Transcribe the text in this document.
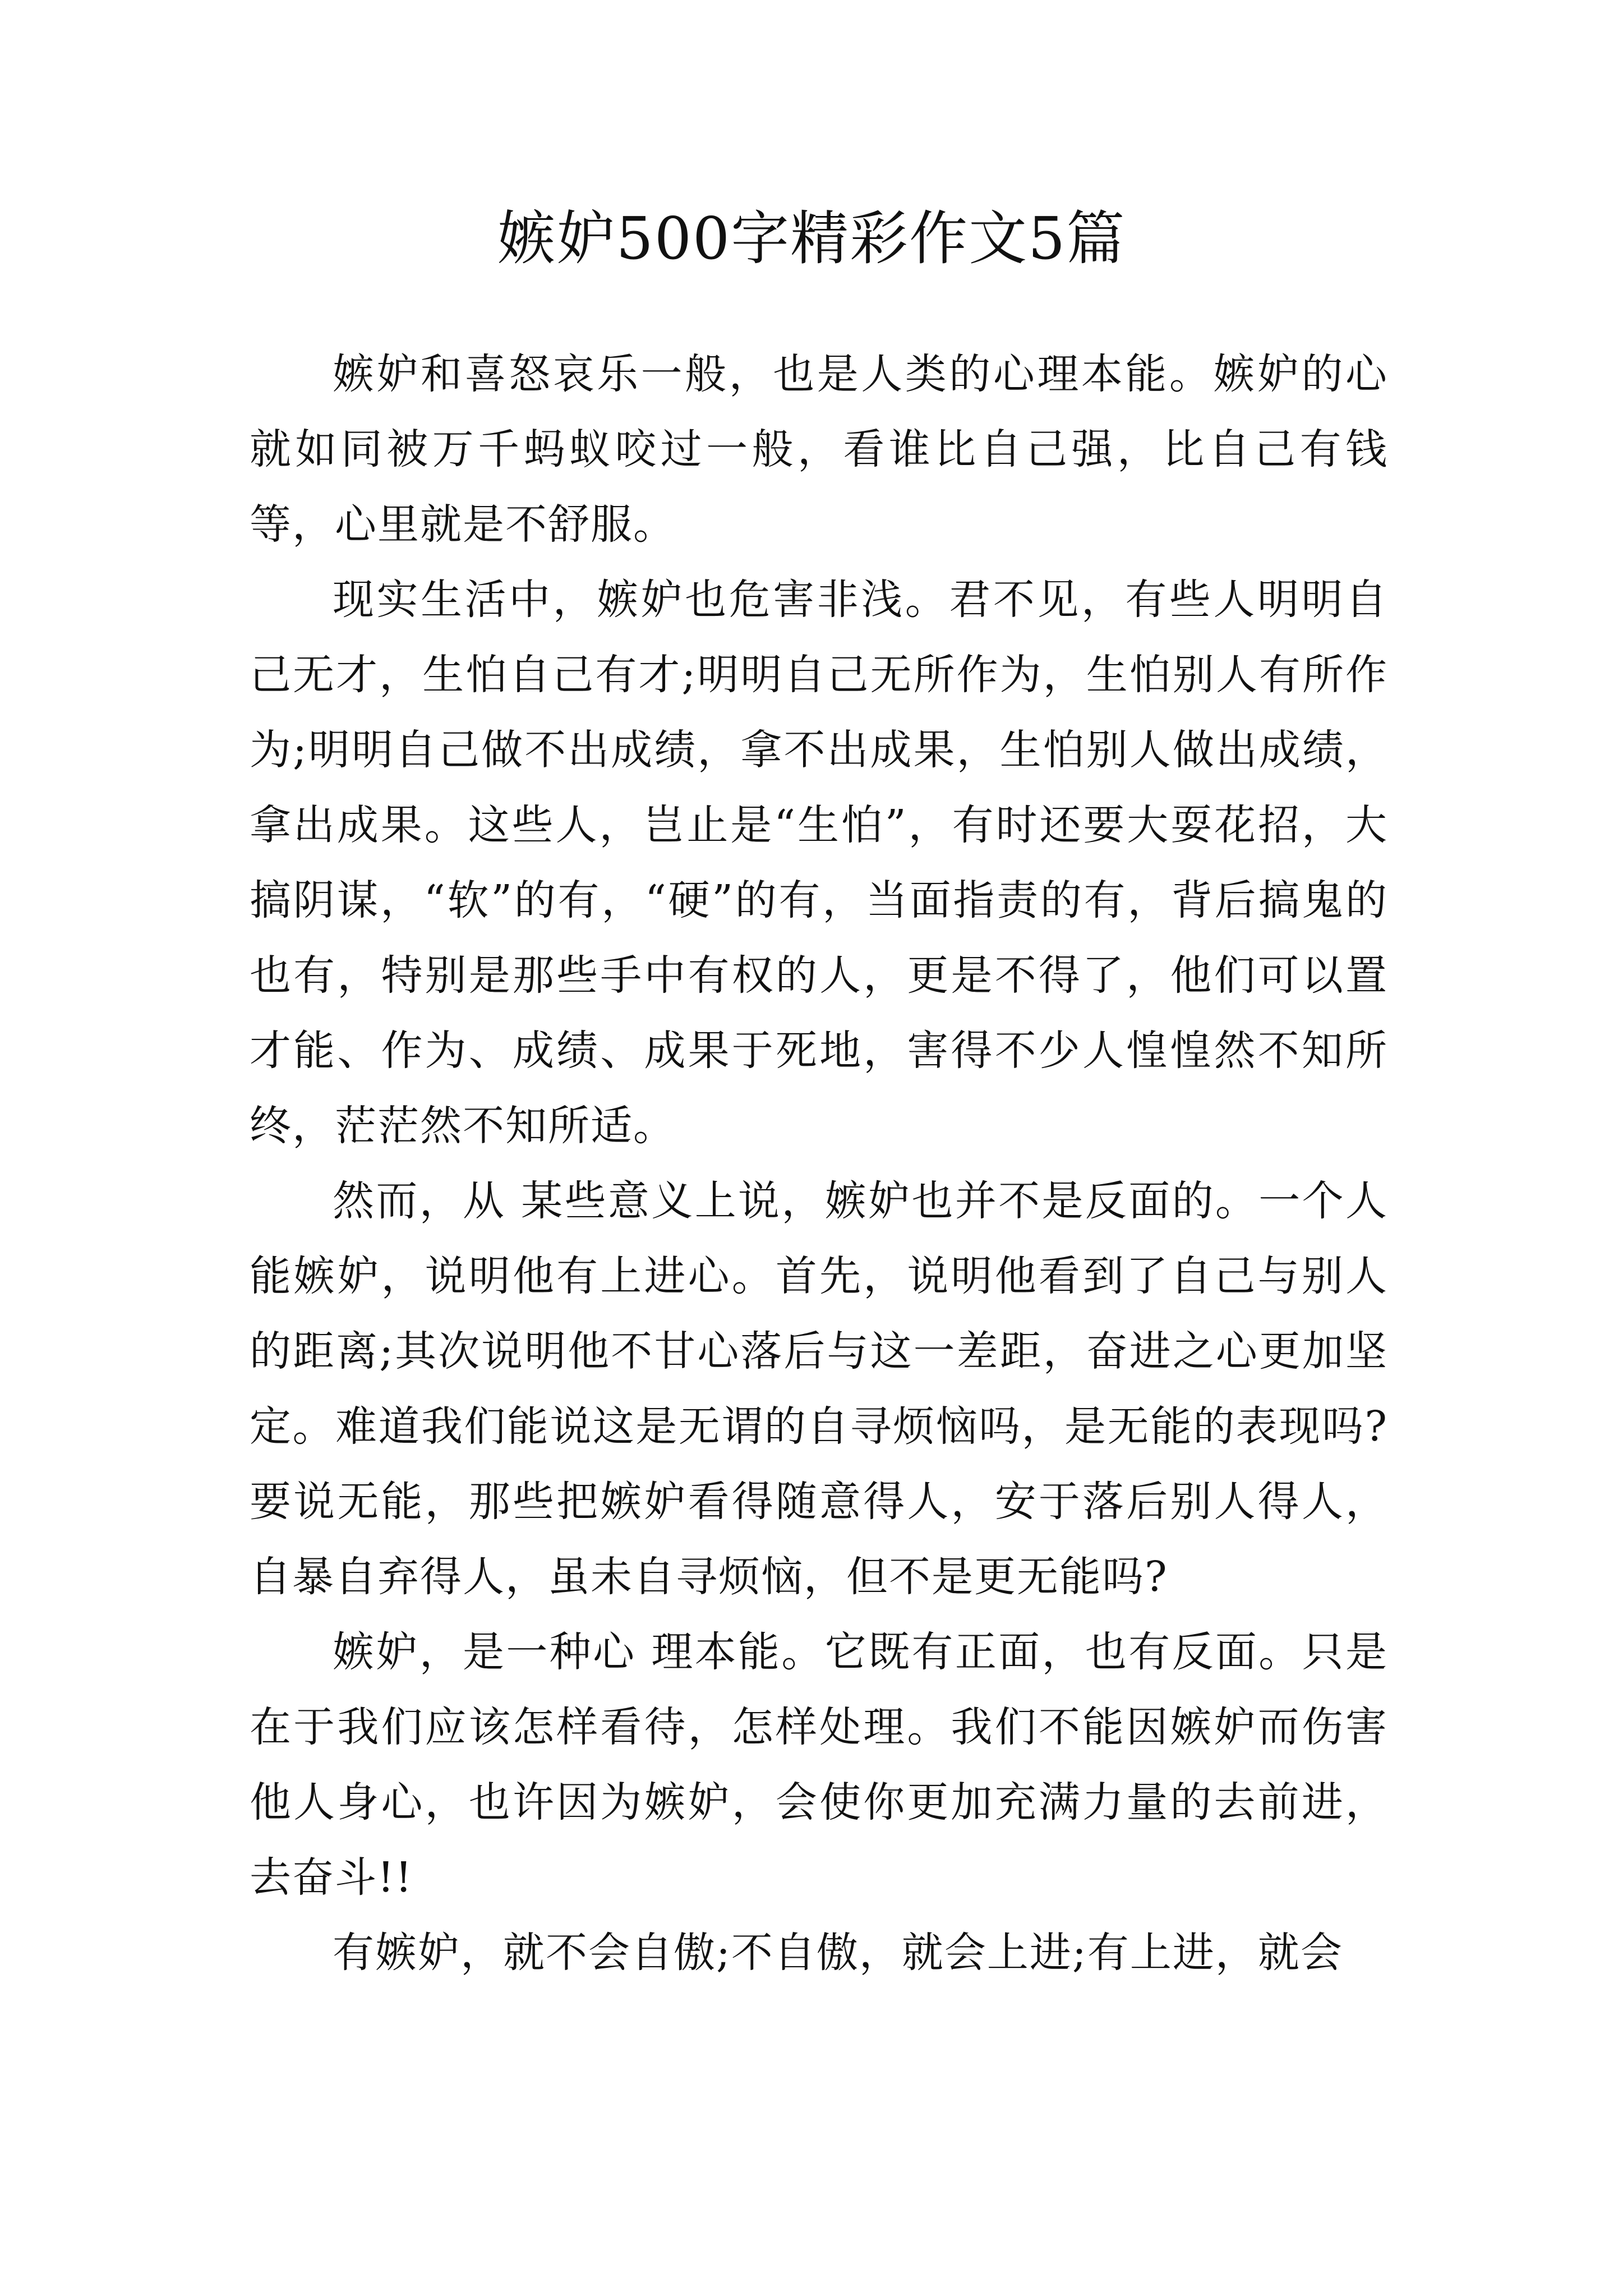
嫉妒500字精彩作文5篇

嫉妒和喜怒哀乐一般，也是人类的心理本能。嫉妒的心就如同被万千蚂蚁咬过一般，看谁比自己强，比自己有钱等，心里就是不舒服。

现实生活中，嫉妒也危害非浅。君不见，有些人明明自己无才，生怕自己有才;明明自己无所作为，生怕别人有所作为;明明自己做不出成绩，拿不出成果，生怕别人做出成绩，拿出成果。这些人，岂止是“生怕”，有时还要大耍花招，大搞阴谋，“软”的有，“硬”的有，当面指责的有，背后搞鬼的也有，特别是那些手中有权的人，更是不得了，他们可以置才能、作为、成绩、成果于死地，害得不少人惶惶然不知所终，茫茫然不知所适。

然而，从 某些意义上说，嫉妒也并不是反面的。一个人能嫉妒，说明他有上进心。首先，说明他看到了自己与别人的距离;其次说明他不甘心落后与这一差距，奋进之心更加坚定。难道我们能说这是无谓的自寻烦恼吗，是无能的表现吗?要说无能，那些把嫉妒看得随意得人，安于落后别人得人，自暴自弃得人，虽未自寻烦恼，但不是更无能吗?

嫉妒，是一种心 理本能。它既有正面，也有反面。只是在于我们应该怎样看待，怎样处理。我们不能因嫉妒而伤害他人身心，也许因为嫉妒，会使你更加充满力量的去前进，去奋斗!!

有嫉妒，就不会自傲;不自傲，就会上进;有上进，就会
